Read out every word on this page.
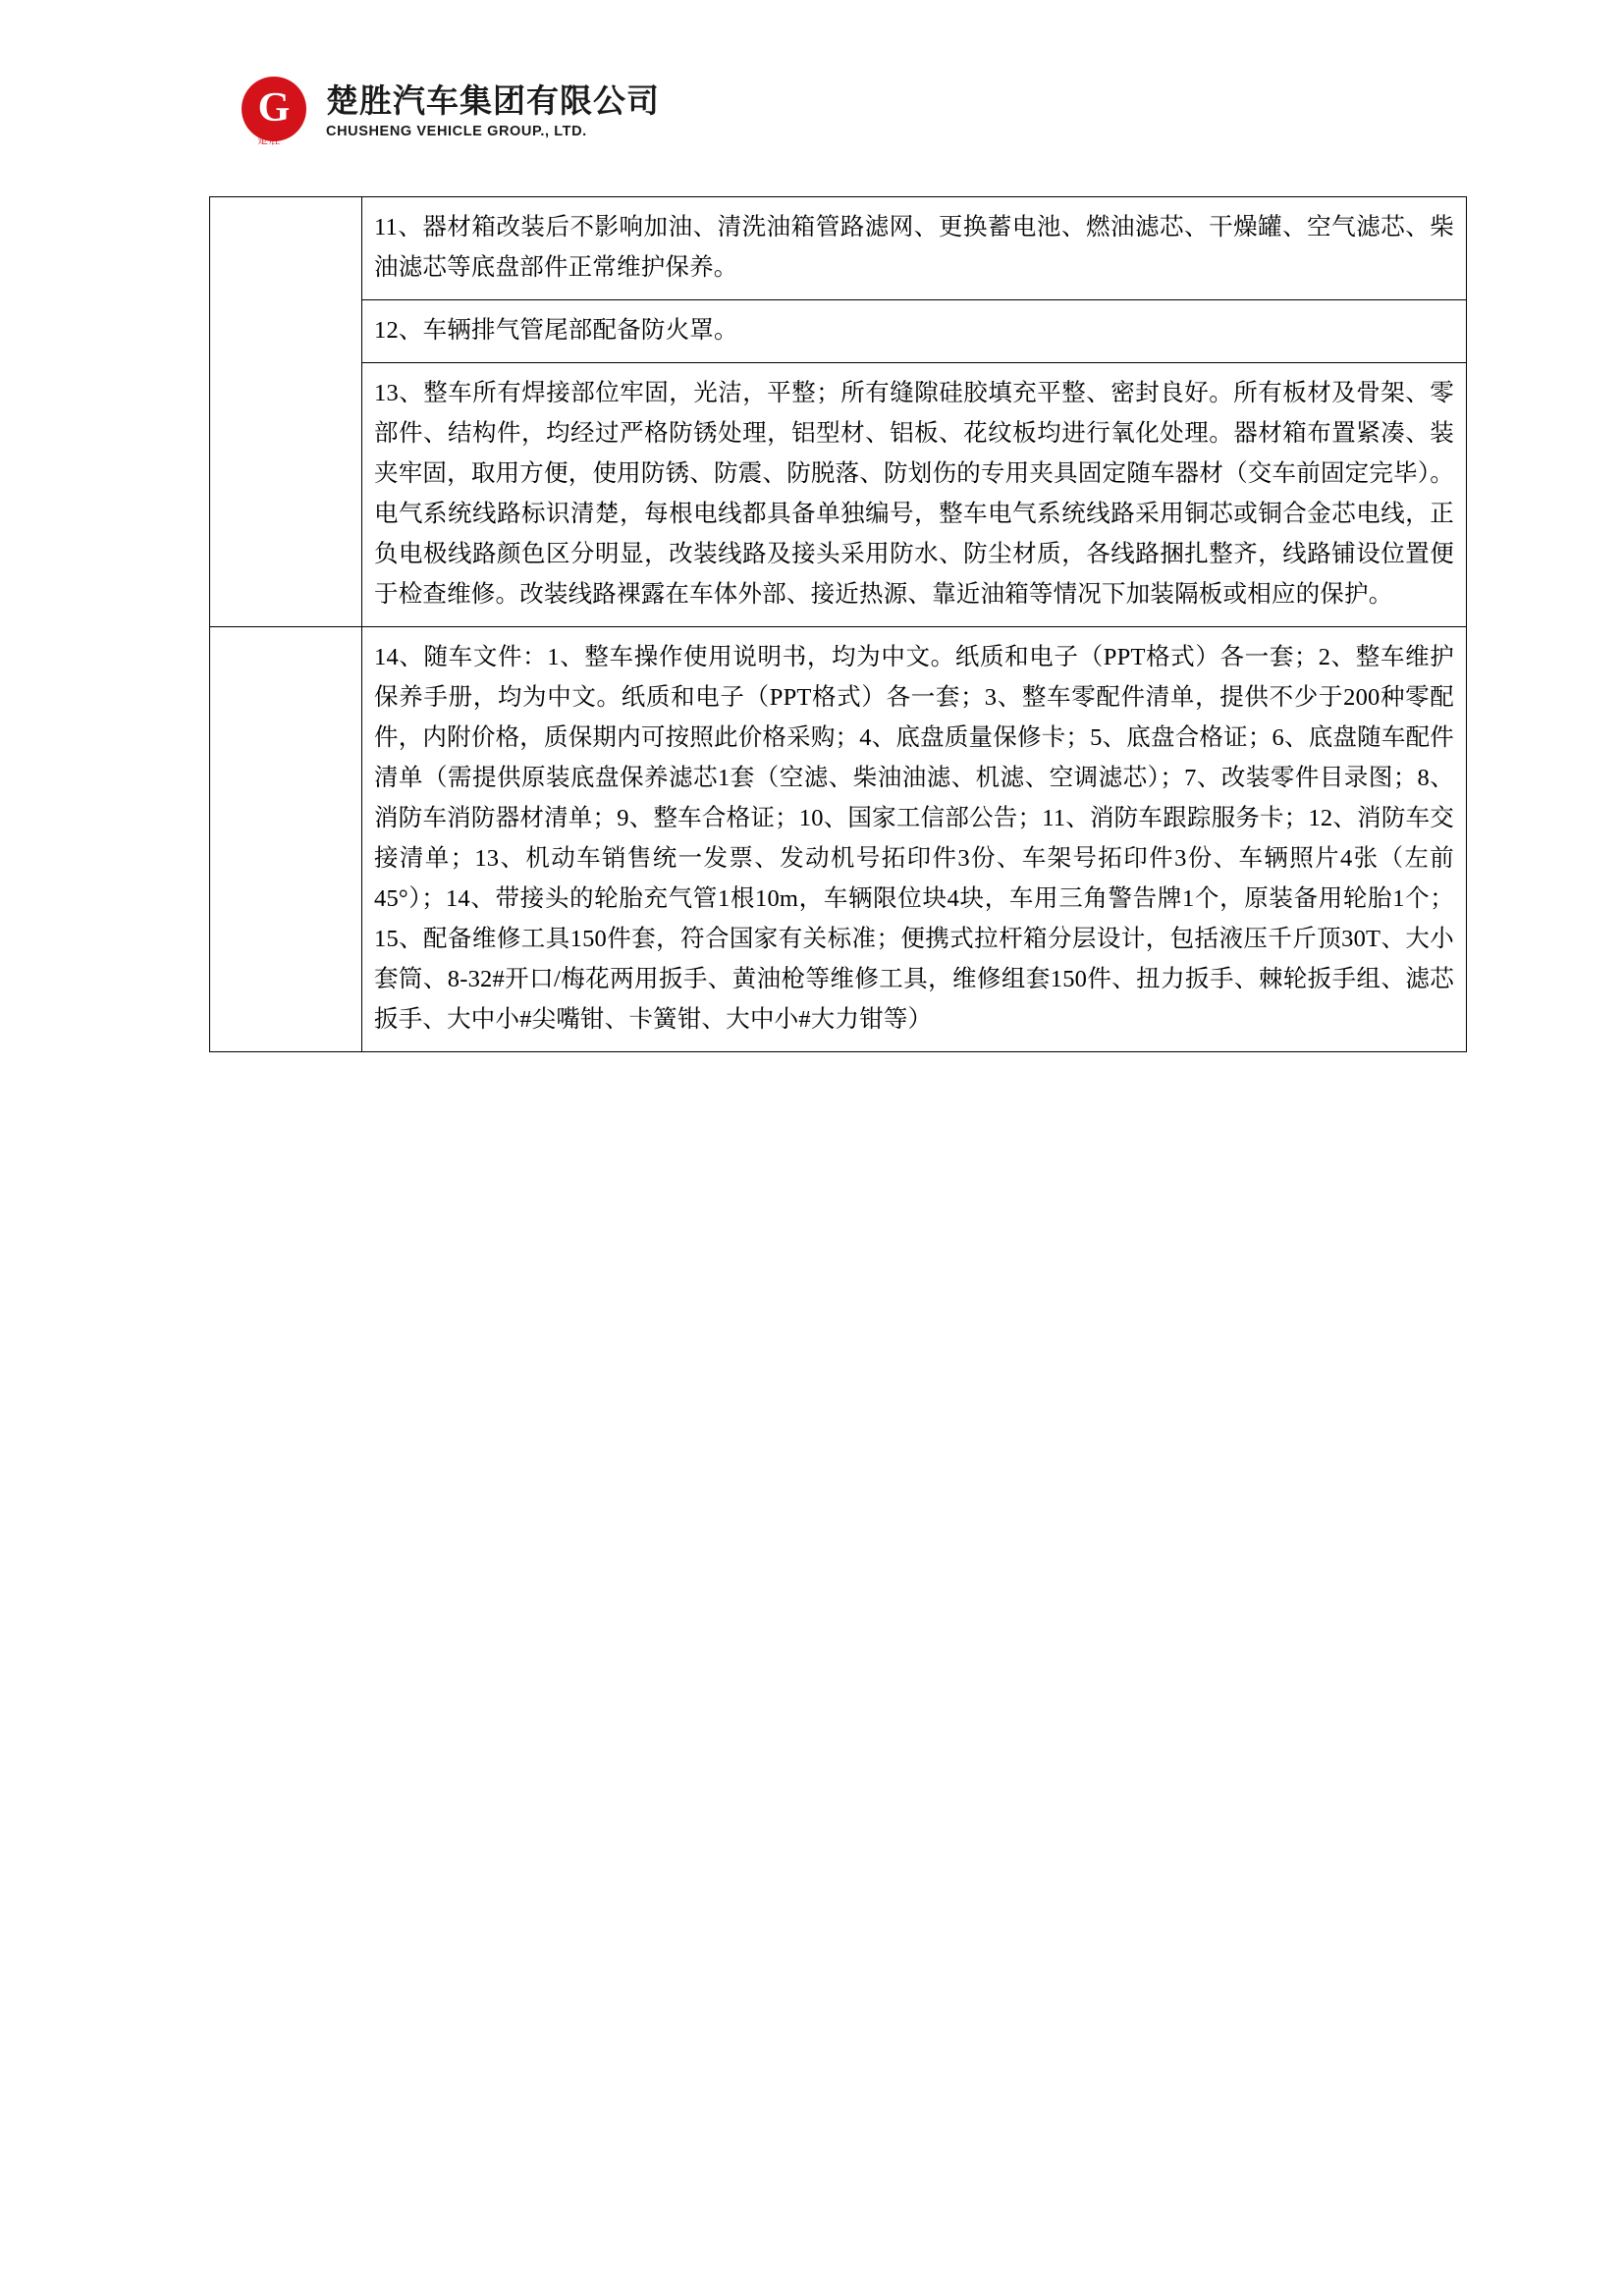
G
楚胜
楚胜汽车集团有限公司
CHUSHENG VEHICLE GROUP., LTD.

	11、器材箱改装后不影响加油、清洗油箱管路滤网、更换蓄电池、燃油滤芯、干燥罐、空气滤芯、柴油滤芯等底盘部件正常维护保养。

	12、车辆排气管尾部配备防火罩。

	13、整车所有焊接部位牢固，光洁，平整；所有缝隙硅胶填充平整、密封良好。所有板材及骨架、零部件、结构件，均经过严格防锈处理，铝型材、铝板、花纹板均进行氧化处理。器材箱布置紧凑、装夹牢固，取用方便，使用防锈、防震、防脱落、防划伤的专用夹具固定随车器材（交车前固定完毕）。电气系统线路标识清楚，每根电线都具备单独编号，整车电气系统线路采用铜芯或铜合金芯电线，正负电极线路颜色区分明显，改装线路及接头采用防水、防尘材质，各线路捆扎整齐，线路铺设位置便于检查维修。改装线路裸露在车体外部、接近热源、靠近油箱等情况下加装隔板或相应的保护。

	14、随车文件：1、整车操作使用说明书，均为中文。纸质和电子（PPT格式）各一套；2、整车维护保养手册，均为中文。纸质和电子（PPT格式）各一套；3、整车零配件清单，提供不少于200种零配件，内附价格，质保期内可按照此价格采购；4、底盘质量保修卡；5、底盘合格证；6、底盘随车配件清单（需提供原装底盘保养滤芯1套（空滤、柴油油滤、机滤、空调滤芯）；7、改装零件目录图；8、消防车消防器材清单；9、整车合格证；10、国家工信部公告；11、消防车跟踪服务卡；12、消防车交接清单；13、机动车销售统一发票、发动机号拓印件3份、车架号拓印件3份、车辆照片4张（左前45°）；14、带接头的轮胎充气管1根10m，车辆限位块4块，车用三角警告牌1个，原装备用轮胎1个；15、配备维修工具150件套，符合国家有关标准；便携式拉杆箱分层设计，包括液压千斤顶30T、大小套筒、8-32#开口/梅花两用扳手、黄油枪等维修工具，维修组套150件、扭力扳手、棘轮扳手组、滤芯扳手、大中小#尖嘴钳、卡簧钳、大中小#大力钳等）
